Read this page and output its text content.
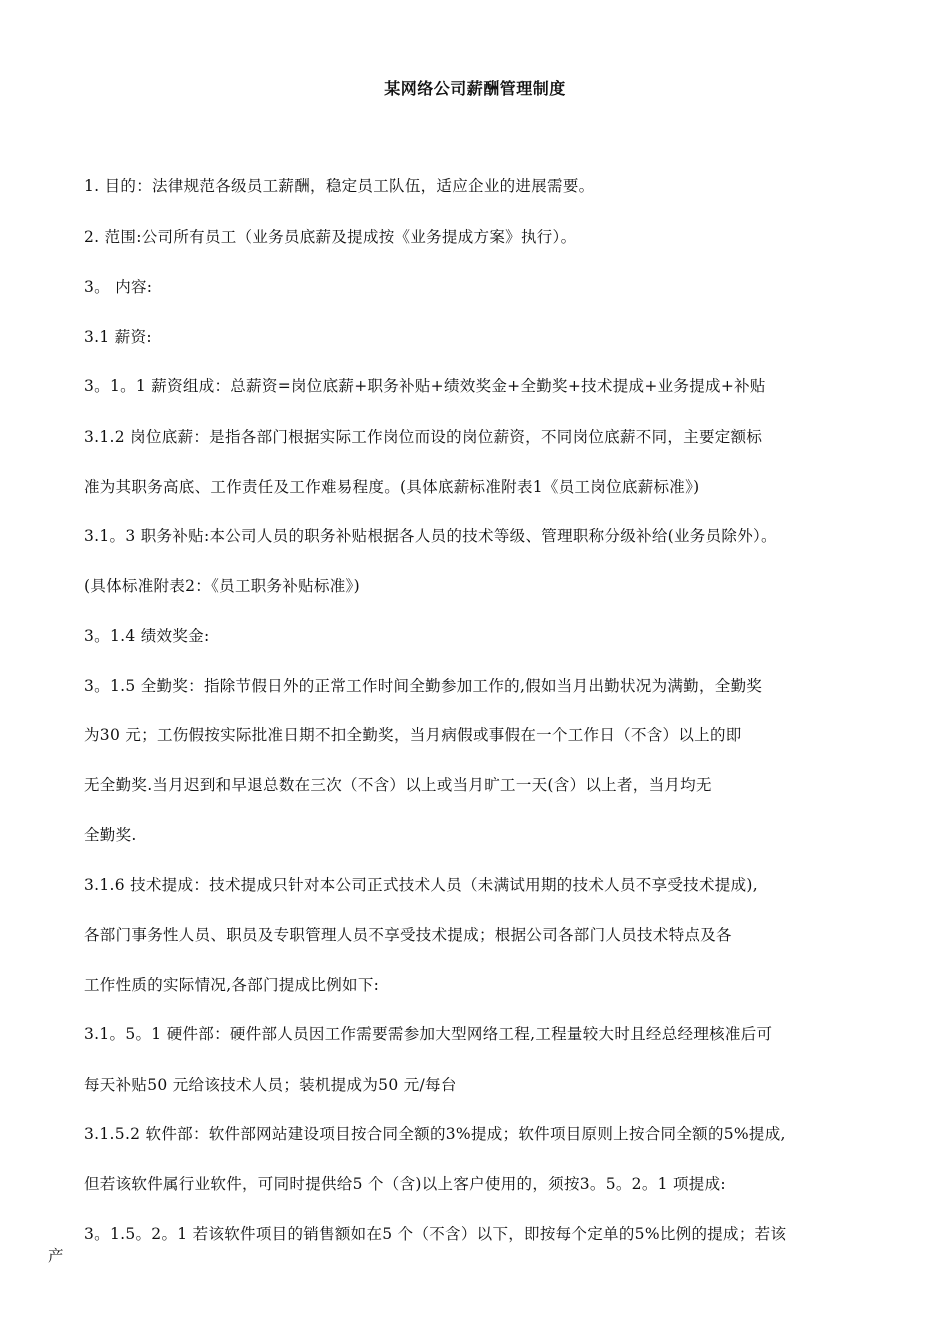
某网络公司薪酬管理制度
1. 目的：法律规范各级员工薪酬，稳定员工队伍，适应企业的进展需要。
2. 范围:公司所有员工（业务员底薪及提成按《业务提成方案》执行）。
3。 内容:
3.1 薪资:
3。1。1 薪资组成：总薪资=岗位底薪+职务补贴+绩效奖金+全勤奖+技术提成+业务提成+补贴
3.1.2 岗位底薪：是指各部门根据实际工作岗位而设的岗位薪资，不同岗位底薪不同，主要定额标
准为其职务高底、工作责任及工作难易程度。(具体底薪标准附表1《员工岗位底薪标准》)
3.1。3 职务补贴:本公司人员的职务补贴根据各人员的技术等级、管理职称分级补给(业务员除外）。
(具体标准附表2：《员工职务补贴标准》)
3。1.4 绩效奖金:
3。1.5 全勤奖：指除节假日外的正常工作时间全勤参加工作的,假如当月出勤状况为满勤，全勤奖
为30 元；工伤假按实际批准日期不扣全勤奖，当月病假或事假在一个工作日（不含）以上的即
无全勤奖.当月迟到和早退总数在三次（不含）以上或当月旷工一天(含）以上者，当月均无
全勤奖.
3.1.6 技术提成：技术提成只针对本公司正式技术人员（未满试用期的技术人员不享受技术提成),
各部门事务性人员、职员及专职管理人员不享受技术提成；根据公司各部门人员技术特点及各
工作性质的实际情况,各部门提成比例如下:
3.1。5。1 硬件部：硬件部人员因工作需要需参加大型网络工程,工程量较大时且经总经理核准后可
每天补贴50 元给该技术人员；装机提成为50 元/每台
3.1.5.2 软件部：软件部网站建设项目按合同全额的3%提成；软件项目原则上按合同全额的5%提成,
但若该软件属行业软件，可同时提供给5 个（含)以上客户使用的，须按3。5。2。1 项提成:
3。1.5。2。1 若该软件项目的销售额如在5 个（不含）以下，即按每个定单的5%比例的提成；若该
产
